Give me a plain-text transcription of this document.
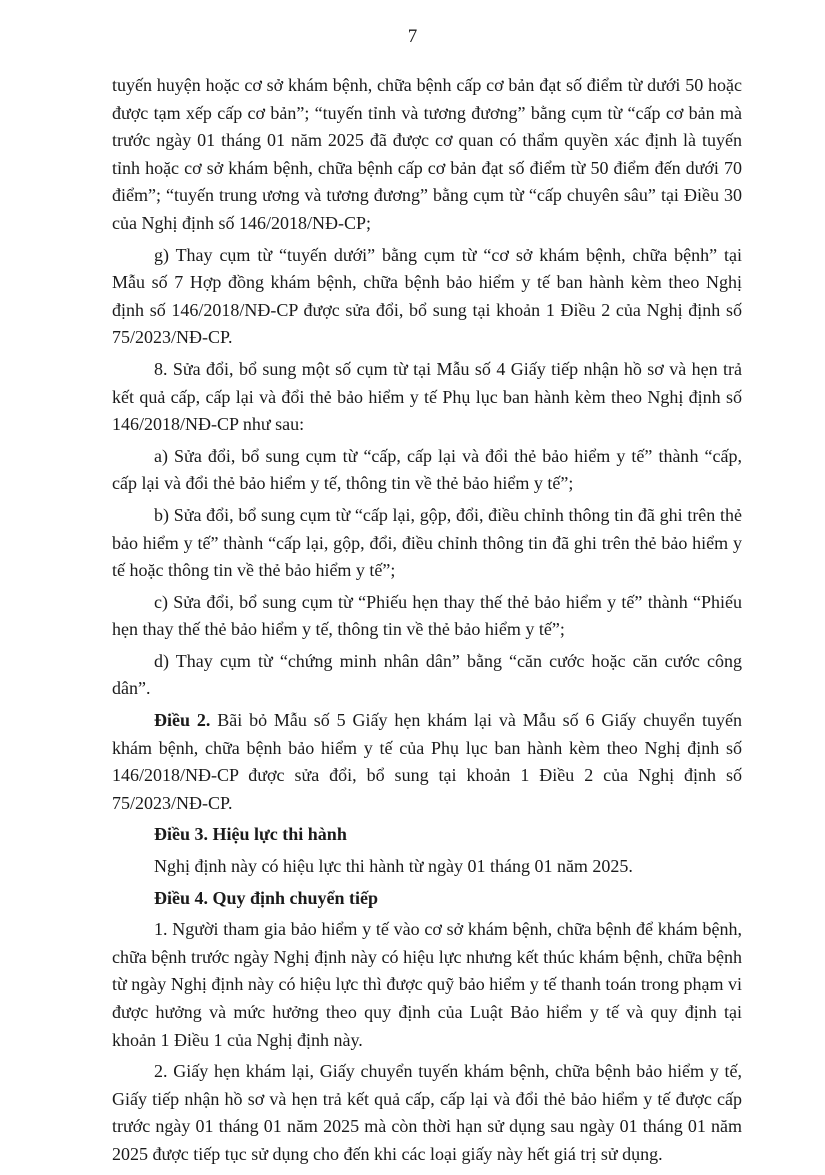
7

tuyến huyện hoặc cơ sở khám bệnh, chữa bệnh cấp cơ bản đạt số điểm từ dưới 50 hoặc được tạm xếp cấp cơ bản”; “tuyến tỉnh và tương đương” bằng cụm từ “cấp cơ bản mà trước ngày 01 tháng 01 năm 2025 đã được cơ quan có thẩm quyền xác định là tuyến tỉnh hoặc cơ sở khám bệnh, chữa bệnh cấp cơ bản đạt số điểm từ 50 điểm đến dưới 70 điểm”; “tuyến trung ương và tương đương” bằng cụm từ “cấp chuyên sâu” tại Điều 30 của Nghị định số 146/2018/NĐ-CP;

g) Thay cụm từ “tuyến dưới” bằng cụm từ “cơ sở khám bệnh, chữa bệnh” tại Mẫu số 7 Hợp đồng khám bệnh, chữa bệnh bảo hiểm y tế ban hành kèm theo Nghị định số 146/2018/NĐ-CP được sửa đổi, bổ sung tại khoản 1 Điều 2 của Nghị định số 75/2023/NĐ-CP.

8. Sửa đổi, bổ sung một số cụm từ tại Mẫu số 4 Giấy tiếp nhận hồ sơ và hẹn trả kết quả cấp, cấp lại và đổi thẻ bảo hiểm y tế Phụ lục ban hành kèm theo Nghị định số 146/2018/NĐ-CP như sau:

a) Sửa đổi, bổ sung cụm từ “cấp, cấp lại và đổi thẻ bảo hiểm y tế” thành “cấp, cấp lại và đổi thẻ bảo hiểm y tế, thông tin về thẻ bảo hiểm y tế”;

b) Sửa đổi, bổ sung cụm từ “cấp lại, gộp, đổi, điều chỉnh thông tin đã ghi trên thẻ bảo hiểm y tế” thành “cấp lại, gộp, đổi, điều chỉnh thông tin đã ghi trên thẻ bảo hiểm y tế hoặc thông tin về thẻ bảo hiểm y tế”;

c) Sửa đổi, bổ sung cụm từ “Phiếu hẹn thay thế thẻ bảo hiểm y tế” thành “Phiếu hẹn thay thế thẻ bảo hiểm y tế, thông tin về thẻ bảo hiểm y tế”;

d) Thay cụm từ “chứng minh nhân dân” bằng “căn cước hoặc căn cước công dân”.

Điều 2. Bãi bỏ Mẫu số 5 Giấy hẹn khám lại và Mẫu số 6 Giấy chuyển tuyến khám bệnh, chữa bệnh bảo hiểm y tế của Phụ lục ban hành kèm theo Nghị định số 146/2018/NĐ-CP được sửa đổi, bổ sung tại khoản 1 Điều 2 của Nghị định số 75/2023/NĐ-CP.

Điều 3. Hiệu lực thi hành

Nghị định này có hiệu lực thi hành từ ngày 01 tháng 01 năm 2025.

Điều 4. Quy định chuyển tiếp

1. Người tham gia bảo hiểm y tế vào cơ sở khám bệnh, chữa bệnh để khám bệnh, chữa bệnh trước ngày Nghị định này có hiệu lực nhưng kết thúc khám bệnh, chữa bệnh từ ngày Nghị định này có hiệu lực thì được quỹ bảo hiểm y tế thanh toán trong phạm vi được hưởng và mức hưởng theo quy định của Luật Bảo hiểm y tế và quy định tại khoản 1 Điều 1 của Nghị định này.

2. Giấy hẹn khám lại, Giấy chuyển tuyến khám bệnh, chữa bệnh bảo hiểm y tế, Giấy tiếp nhận hồ sơ và hẹn trả kết quả cấp, cấp lại và đổi thẻ bảo hiểm y tế được cấp trước ngày 01 tháng 01 năm 2025 mà còn thời hạn sử dụng sau ngày 01 tháng 01 năm 2025 được tiếp tục sử dụng cho đến khi các loại giấy này hết giá trị sử dụng.
